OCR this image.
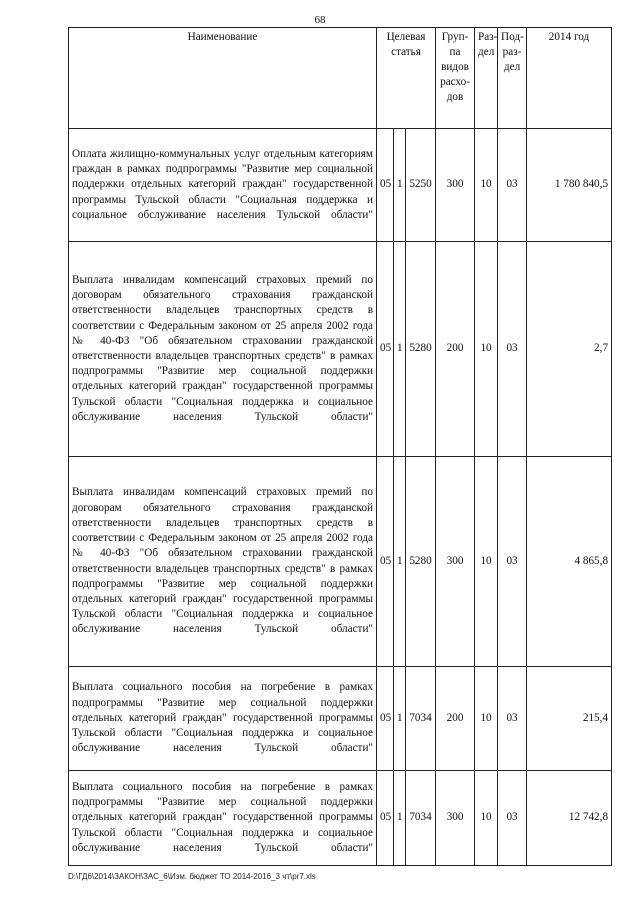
68
Наименование	Целевая статья			Груп-па видов расхо-дов	Раз-дел	Под-раз-дел	2014 год
Оплата жилищно-коммунальных услуг отдельным категориям граждан в рамках подпрограммы "Развитие мер социальной поддержки отдельных категорий граждан" государственной программы Тульской области "Социальная поддержка и социальное обслуживание населения Тульской области"	05	1	5250	300	10	03	1 780 840,5
Выплата инвалидам компенсаций страховых премий по договорам обязательного страхования гражданской ответственности владельцев транспортных средств в соответствии с Федеральным законом от 25 апреля 2002 года № 40-ФЗ "Об обязательном страховании гражданской ответственности владельцев транспортных средств" в рамках подпрограммы "Развитие мер социальной поддержки отдельных категорий граждан" государственной программы Тульской области "Социальная поддержка и социальное обслуживание населения Тульской области"	05	1	5280	200	10	03	2,7
Выплата инвалидам компенсаций страховых премий по договорам обязательного страхования гражданской ответственности владельцев транспортных средств в соответствии с Федеральным законом от 25 апреля 2002 года № 40-ФЗ "Об обязательном страховании гражданской ответственности владельцев транспортных средств" в рамках подпрограммы "Развитие мер социальной поддержки отдельных категорий граждан" государственной программы Тульской области "Социальная поддержка и социальное обслуживание населения Тульской области"	05	1	5280	300	10	03	4 865,8
Выплата социального пособия на погребение в рамках подпрограммы "Развитие мер социальной поддержки отдельных категорий граждан" государственной программы Тульской области "Социальная поддержка и социальное обслуживание населения Тульской области"	05	1	7034	200	10	03	215,4
Выплата социального пособия на погребение в рамках подпрограммы "Развитие мер социальной поддержки отдельных категорий граждан" государственной программы Тульской области "Социальная поддержка и социальное обслуживание населения Тульской области"	05	1	7034	300	10	03	12 742,8
D:\ГД6\2014\ЗАКОН\ЗАС_6\Изм. бюджет ТО 2014-2016_3 чт\pr7.xls
